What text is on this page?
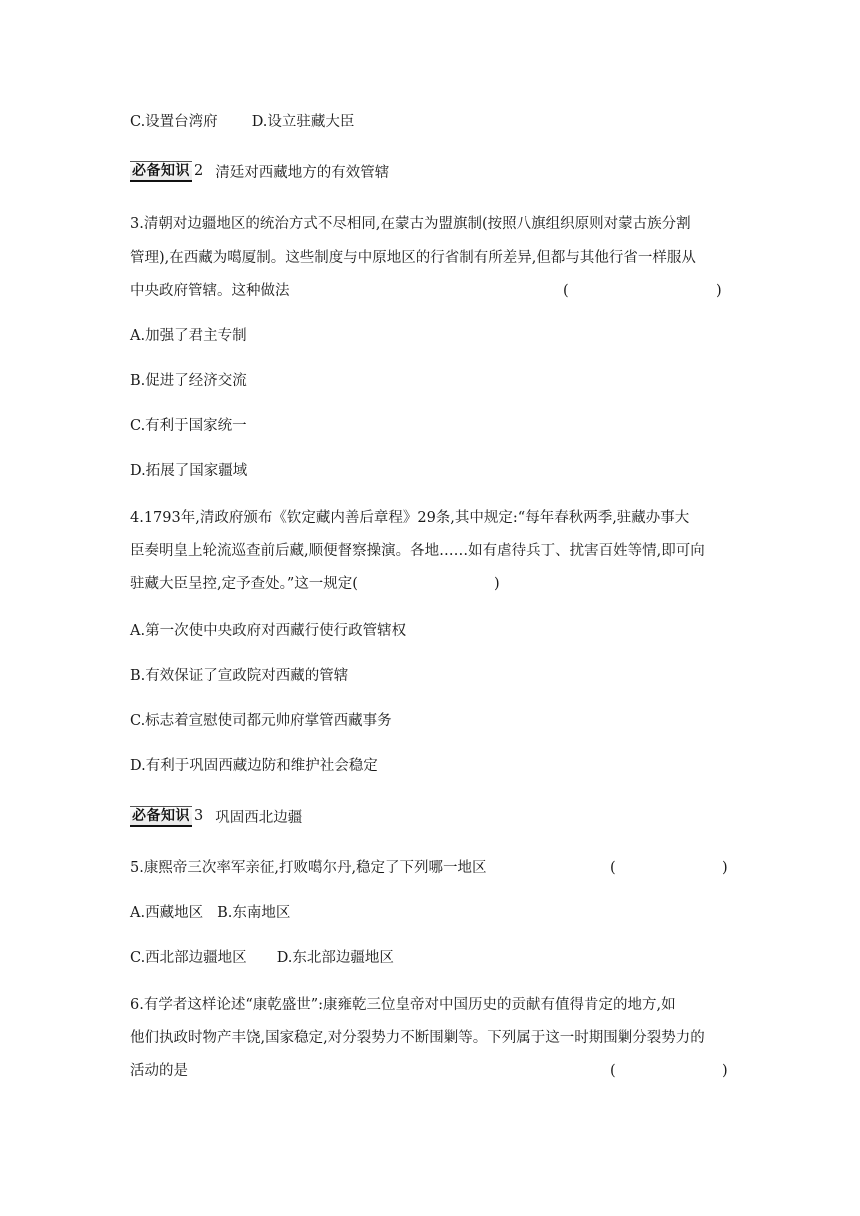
C.设置台湾府 D.设立驻藏大臣
必备知识 2 清廷对西藏地方的有效管辖
3.清朝对边疆地区的统治方式不尽相同,在蒙古为盟旗制(按照八旗组织原则对蒙古族分割
管理),在西藏为噶厦制。这些制度与中原地区的行省制有所差异,但都与其他行省一样服从
中央政府管辖。这种做法	(	)
A.加强了君主专制
B.促进了经济交流
C.有利于国家统一
D.拓展了国家疆域
4.1793年,清政府颁布《钦定藏内善后章程》29条,其中规定:“每年春秋两季,驻藏办事大
臣奏明皇上轮流巡查前后藏,顺便督察操演。各地……如有虐待兵丁、扰害百姓等情,即可向
驻藏大臣呈控,定予查处。”这一规定(	)
A.第一次使中央政府对西藏行使行政管辖权
B.有效保证了宣政院对西藏的管辖
C.标志着宣慰使司都元帅府掌管西藏事务
D.有利于巩固西藏边防和维护社会稳定
必备知识 3 巩固西北边疆
5.康熙帝三次率军亲征,打败噶尔丹,稳定了下列哪一地区	(	)
A.西藏地区 B.东南地区
C.西北部边疆地区 D.东北部边疆地区
6.有学者这样论述“康乾盛世”:康雍乾三位皇帝对中国历史的贡献有值得肯定的地方,如
他们执政时物产丰饶,国家稳定,对分裂势力不断围剿等。下列属于这一时期围剿分裂势力的
活动的是	(	)
